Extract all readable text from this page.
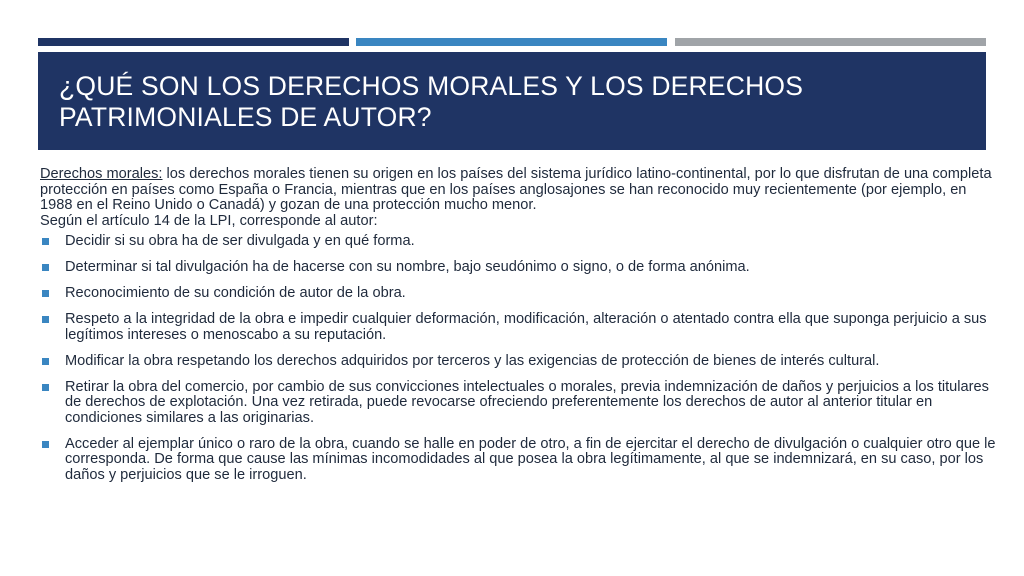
¿QUÉ SON LOS DERECHOS MORALES Y LOS DERECHOS PATRIMONIALES DE AUTOR?

Derechos morales: los derechos morales tienen su origen en los países del sistema jurídico latino-continental, por lo que disfrutan de una completa protección en países como España o Francia, mientras que en los países anglosajones se han reconocido muy recientemente (por ejemplo, en 1988 en el Reino Unido o Canadá) y gozan de una protección mucho menor.
Según el artículo 14 de la LPI, corresponde al autor:

Decidir si su obra ha de ser divulgada y en qué forma.
Determinar si tal divulgación ha de hacerse con su nombre, bajo seudónimo o signo, o de forma anónima.
Reconocimiento de su condición de autor de la obra.
Respeto a la integridad de la obra e impedir cualquier deformación, modificación, alteración o atentado contra ella que suponga perjuicio a sus legítimos intereses o menoscabo a su reputación.
Modificar la obra respetando los derechos adquiridos por terceros y las exigencias de protección de bienes de interés cultural.
Retirar la obra del comercio, por cambio de sus convicciones intelectuales o morales, previa indemnización de daños y perjuicios a los titulares de derechos de explotación. Una vez retirada, puede revocarse ofreciendo preferentemente los derechos de autor al anterior titular en condiciones similares a las originarias.
Acceder al ejemplar único o raro de la obra, cuando se halle en poder de otro, a fin de ejercitar el derecho de divulgación o cualquier otro que le corresponda. De forma que cause las mínimas incomodidades al que posea la obra legítimamente, al que se indemnizará, en su caso, por los daños y perjuicios que se le irroguen.
